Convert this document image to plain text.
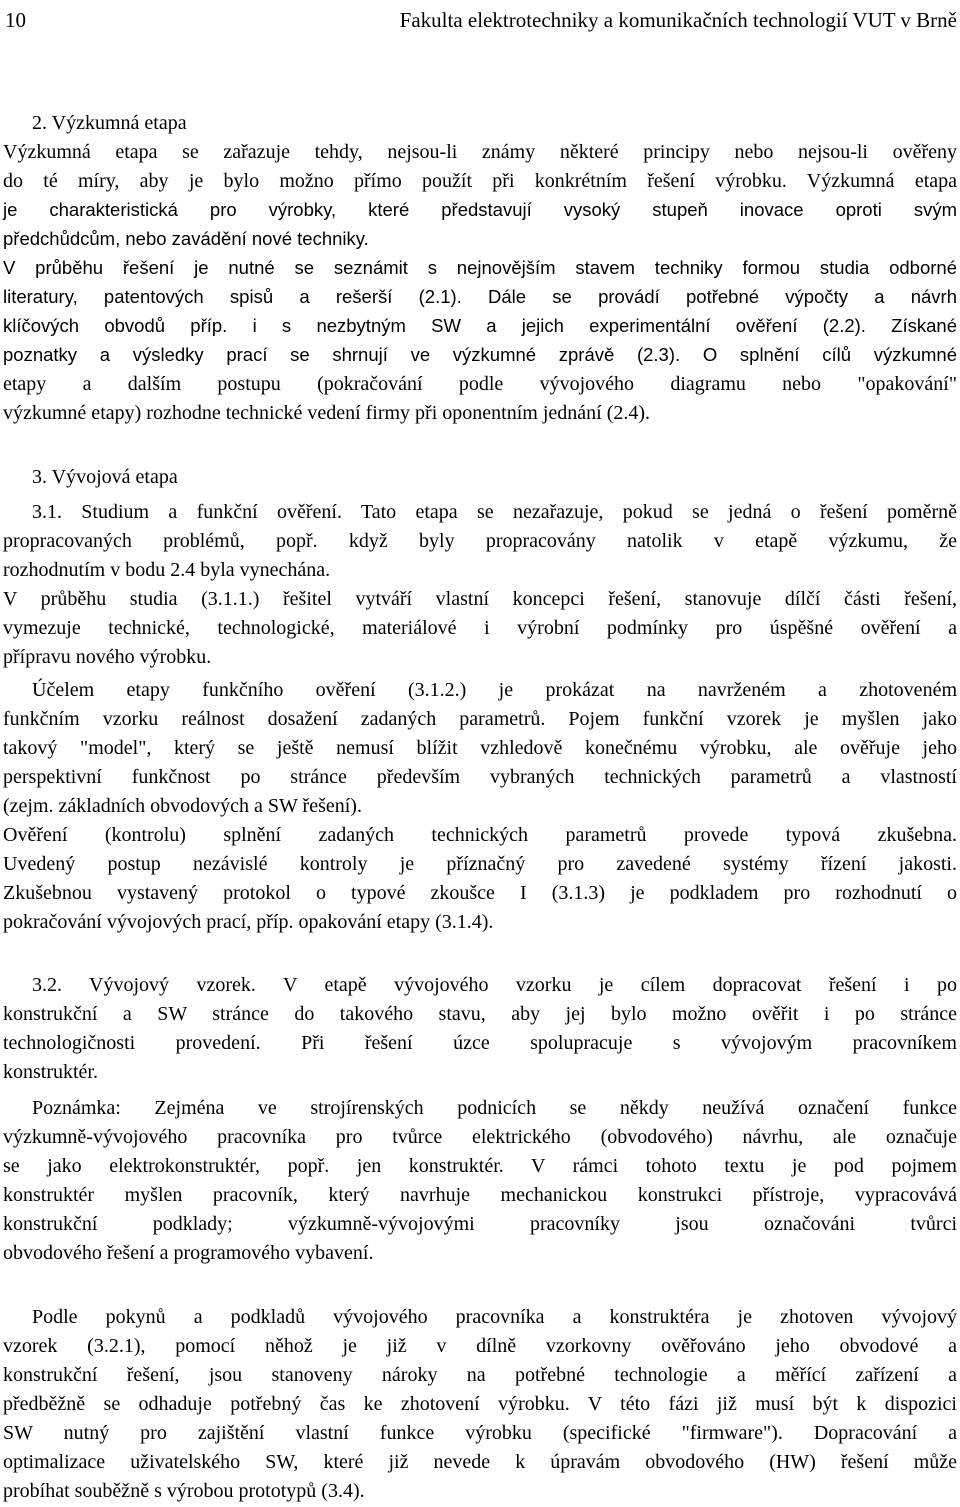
10	Fakulta elektrotechniky a komunikačních technologií VUT v Brně
2. Výzkumná etapa
Výzkumná etapa se zařazuje tehdy, nejsou-li známy některé principy nebo nejsou-li ověřeny
do té míry, aby je bylo možno přímo použít při konkrétním řešení výrobku. Výzkumná etapa
je charakteristická pro výrobky, které představují vysoký stupeň inovace oproti svým
předchůdcům, nebo zavádění nové techniky.
V průběhu řešení je nutné se seznámit s nejnovějším stavem techniky formou studia odborné
literatury, patentových spisů a rešerší (2.1). Dále se provádí potřebné výpočty a návrh
klíčových obvodů příp. i s nezbytným SW a jejich experimentální ověření (2.2). Získané
poznatky a výsledky prací se shrnují ve výzkumné zprávě (2.3). O splnění cílů výzkumné
etapy a dalším postupu (pokračování podle vývojového diagramu nebo "opakování"
výzkumné etapy) rozhodne technické vedení firmy při oponentním jednání (2.4).
3. Vývojová etapa
3.1. Studium a funkční ověření. Tato etapa se nezařazuje, pokud se jedná o řešení poměrně
propracovaných problémů, popř. když byly propracovány natolik v etapě výzkumu, že
rozhodnutím v bodu 2.4 byla vynechána.
V průběhu studia (3.1.1.) řešitel vytváří vlastní koncepci řešení, stanovuje dílčí části řešení,
vymezuje technické, technologické, materiálové i výrobní podmínky pro úspěšné ověření a
přípravu nového výrobku.
Účelem etapy funkčního ověření (3.1.2.) je prokázat na navrženém a zhotoveném
funkčním vzorku reálnost dosažení zadaných parametrů. Pojem funkční vzorek je myšlen jako
takový "model", který se ještě nemusí blížit vzhledově konečnému výrobku, ale ověřuje jeho
perspektivní funkčnost po stránce především vybraných technických parametrů a vlastností
(zejm. základních obvodových a SW řešení).
Ověření (kontrolu) splnění zadaných technických parametrů provede typová zkušebna.
Uvedený postup nezávislé kontroly je příznačný pro zavedené systémy řízení jakosti.
Zkušebnou vystavený protokol o typové zkoušce I (3.1.3) je podkladem pro rozhodnutí o
pokračování vývojových prací, příp. opakování etapy (3.1.4).
3.2. Vývojový vzorek. V etapě vývojového vzorku je cílem dopracovat řešení i po
konstrukční a SW stránce do takového stavu, aby jej bylo možno ověřit i po stránce
technologičnosti provedení. Při řešení úzce spolupracuje s vývojovým pracovníkem
konstruktér.
Poznámka: Zejména ve strojírenských podnicích se někdy neužívá označení funkce
výzkumně-vývojového pracovníka pro tvůrce elektrického (obvodového) návrhu, ale označuje
se jako elektrokonstruktér, popř. jen konstruktér. V rámci tohoto textu je pod pojmem
konstruktér myšlen pracovník, který navrhuje mechanickou konstrukci přístroje, vypracovává
konstrukční podklady; výzkumně-vývojovými pracovníky jsou označováni tvůrci
obvodového řešení a programového vybavení.
Podle pokynů a podkladů vývojového pracovníka a konstruktéra je zhotoven vývojový
vzorek (3.2.1), pomocí něhož je již v dílně vzorkovny ověřováno jeho obvodové a
konstrukční řešení, jsou stanoveny nároky na potřebné technologie a měřící zařízení a
předběžně se odhaduje potřebný čas ke zhotovení výrobku. V této fázi již musí být k dispozici
SW nutný pro zajištění vlastní funkce výrobku (specifické "firmware"). Dopracování a
optimalizace uživatelského SW, které již nevede k úpravám obvodového (HW) řešení může
probíhat souběžně s výrobou prototypů (3.4).
